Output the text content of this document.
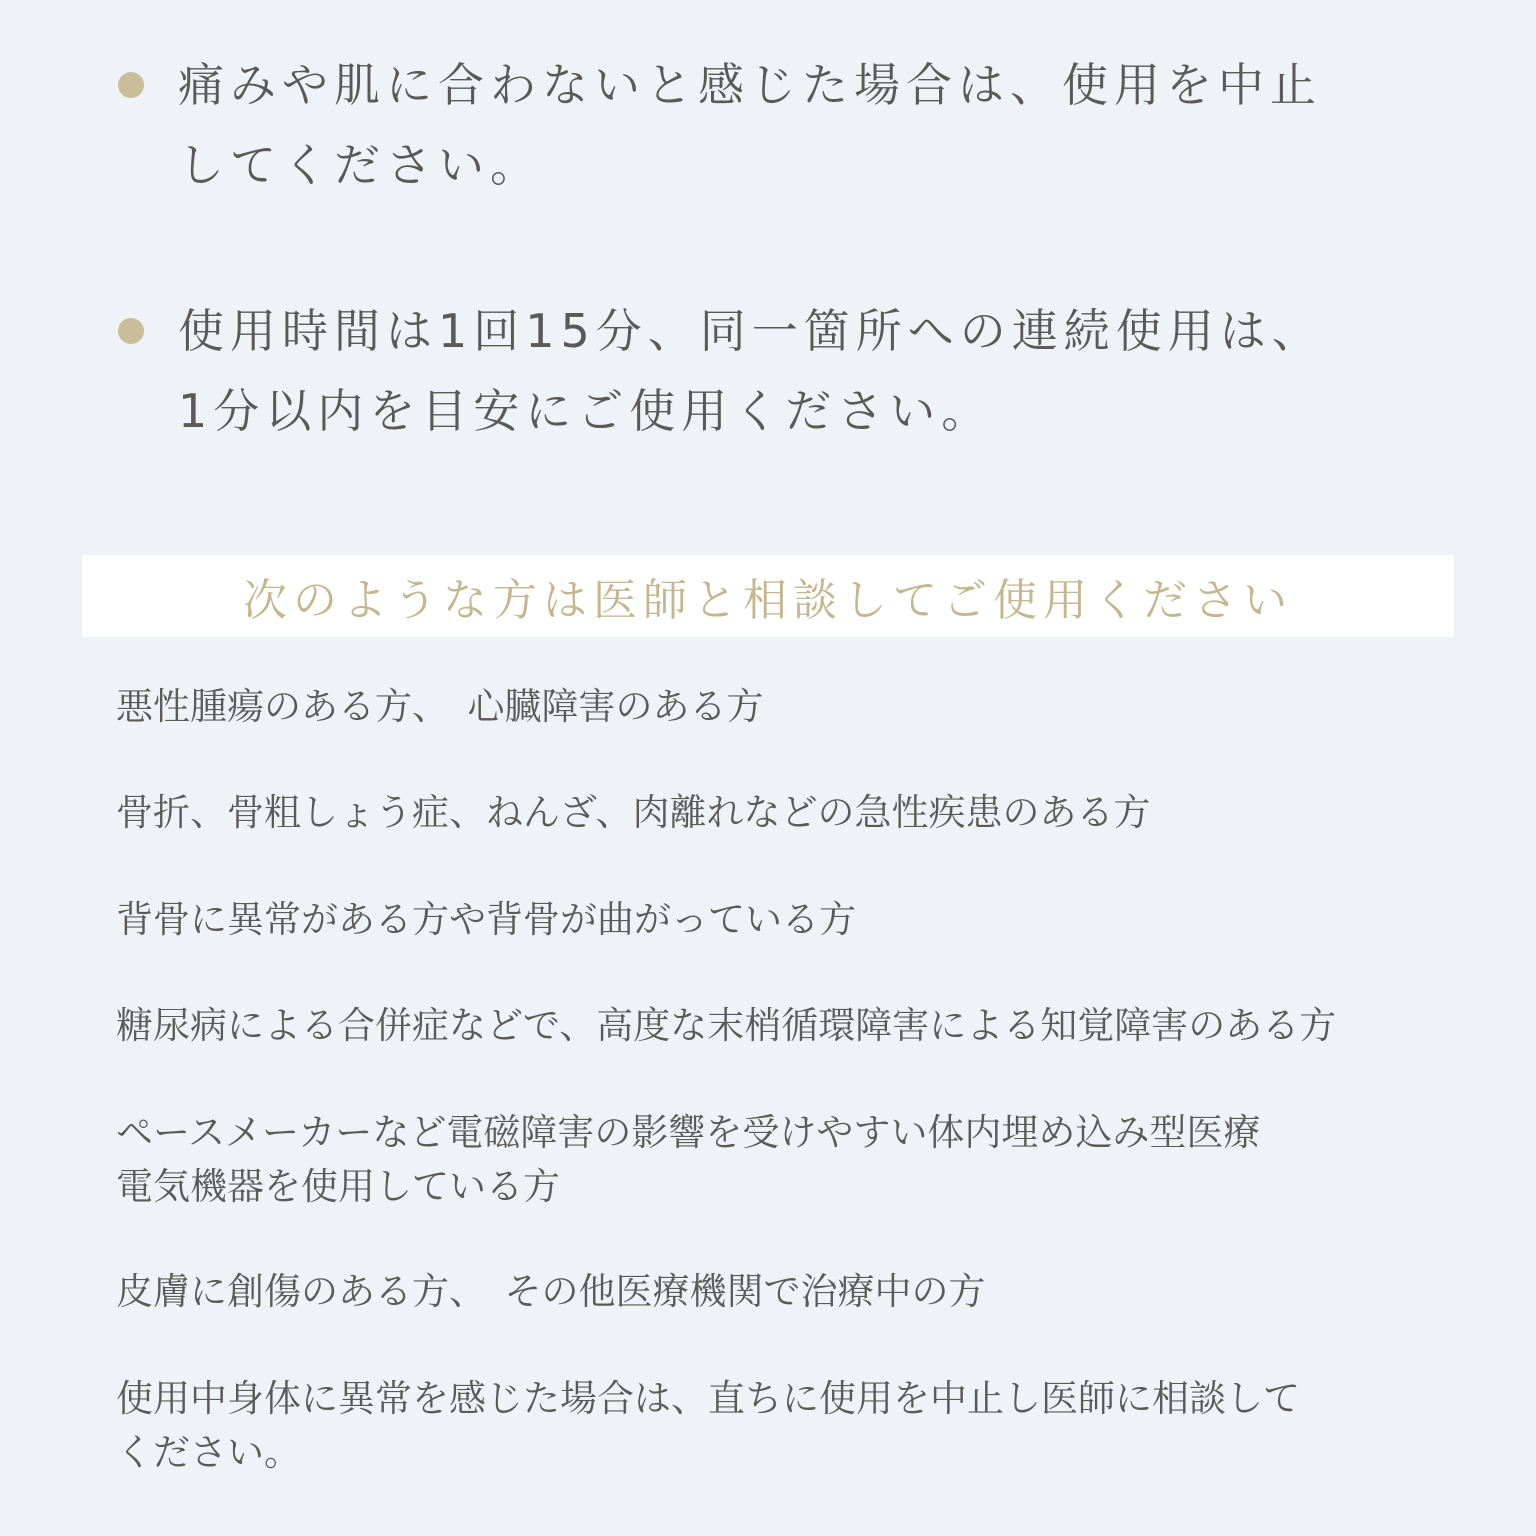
痛みや肌に合わないと感じた場合は、使用を中止
してください。
使用時間は1回15分、同一箇所への連続使用は、
1分以内を目安にご使用ください。
次のような方は医師と相談してご使用ください
悪性腫瘍のある方、　心臓障害のある方
骨折、骨粗しょう症、ねんざ、肉離れなどの急性疾患のある方
背骨に異常がある方や背骨が曲がっている方
糖尿病による合併症などで、高度な末梢循環障害による知覚障害のある方
ペースメーカーなど電磁障害の影響を受けやすい体内埋め込み型医療
電気機器を使用している方
皮膚に創傷のある方、　その他医療機関で治療中の方
使用中身体に異常を感じた場合は、直ちに使用を中止し医師に相談して
ください。
